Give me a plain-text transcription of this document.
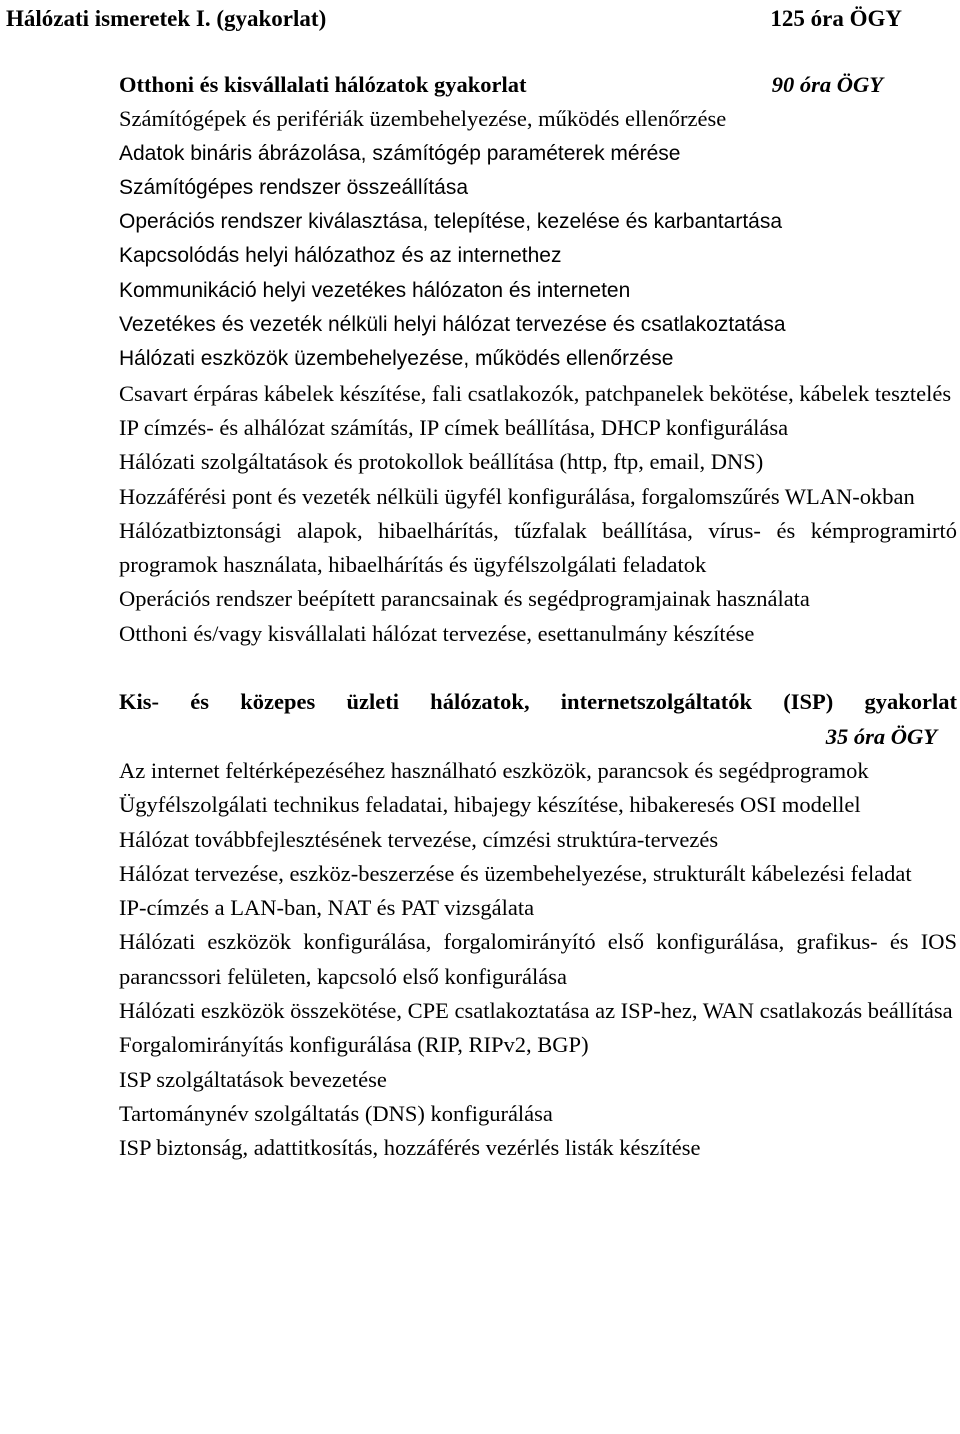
Hálózati ismeretek I. (gyakorlat)	125 óra ÖGY
Otthoni és kisvállalati hálózatok gyakorlat	90 óra ÖGY
Számítógépek és perifériák üzembehelyezése, működés ellenőrzése
Adatok bináris ábrázolása, számítógép paraméterek mérése
Számítógépes rendszer összeállítása
Operációs rendszer kiválasztása, telepítése, kezelése és karbantartása
Kapcsolódás helyi hálózathoz és az internethez
Kommunikáció helyi vezetékes hálózaton és interneten
Vezetékes és vezeték nélküli helyi hálózat tervezése és csatlakoztatása
Hálózati eszközök üzembehelyezése, működés ellenőrzése
Csavart érpáras kábelek készítése, fali csatlakozók, patchpanelek bekötése, kábelek tesztelés
IP címzés- és alhálózat számítás, IP címek beállítása, DHCP konfigurálása
Hálózati szolgáltatások és protokollok beállítása (http, ftp, email, DNS)
Hozzáférési pont és vezeték nélküli ügyfél konfigurálása, forgalomszűrés WLAN-okban
Hálózatbiztonsági alapok, hibaelhárítás, tűzfalak beállítása, vírus- és kémprogramirtó programok használata, hibaelhárítás és ügyfélszolgálati feladatok
Operációs rendszer beépített parancsainak és segédprogramjainak használata
Otthoni és/vagy kisvállalati hálózat tervezése, esettanulmány készítése
Kis- és közepes üzleti hálózatok, internetszolgáltatók (ISP) gyakorlat
35 óra ÖGY
Az internet feltérképezéséhez használható eszközök, parancsok és segédprogramok
Ügyfélszolgálati technikus feladatai, hibajegy készítése, hibakeresés OSI modellel
Hálózat továbbfejlesztésének tervezése, címzési struktúra-tervezés
Hálózat tervezése, eszköz-beszerzése és üzembehelyezése, strukturált kábelezési feladat
IP-címzés a LAN-ban, NAT és PAT vizsgálata
Hálózati eszközök konfigurálása, forgalomirányító első konfigurálása, grafikus- és IOS parancssori felületen, kapcsoló első konfigurálása
Hálózati eszközök összekötése, CPE csatlakoztatása az ISP-hez, WAN csatlakozás beállítása
Forgalomirányítás konfigurálása (RIP, RIPv2, BGP)
ISP szolgáltatások bevezetése
Tartománynév szolgáltatás (DNS) konfigurálása
ISP biztonság, adattitkosítás, hozzáférés vezérlés listák készítése
